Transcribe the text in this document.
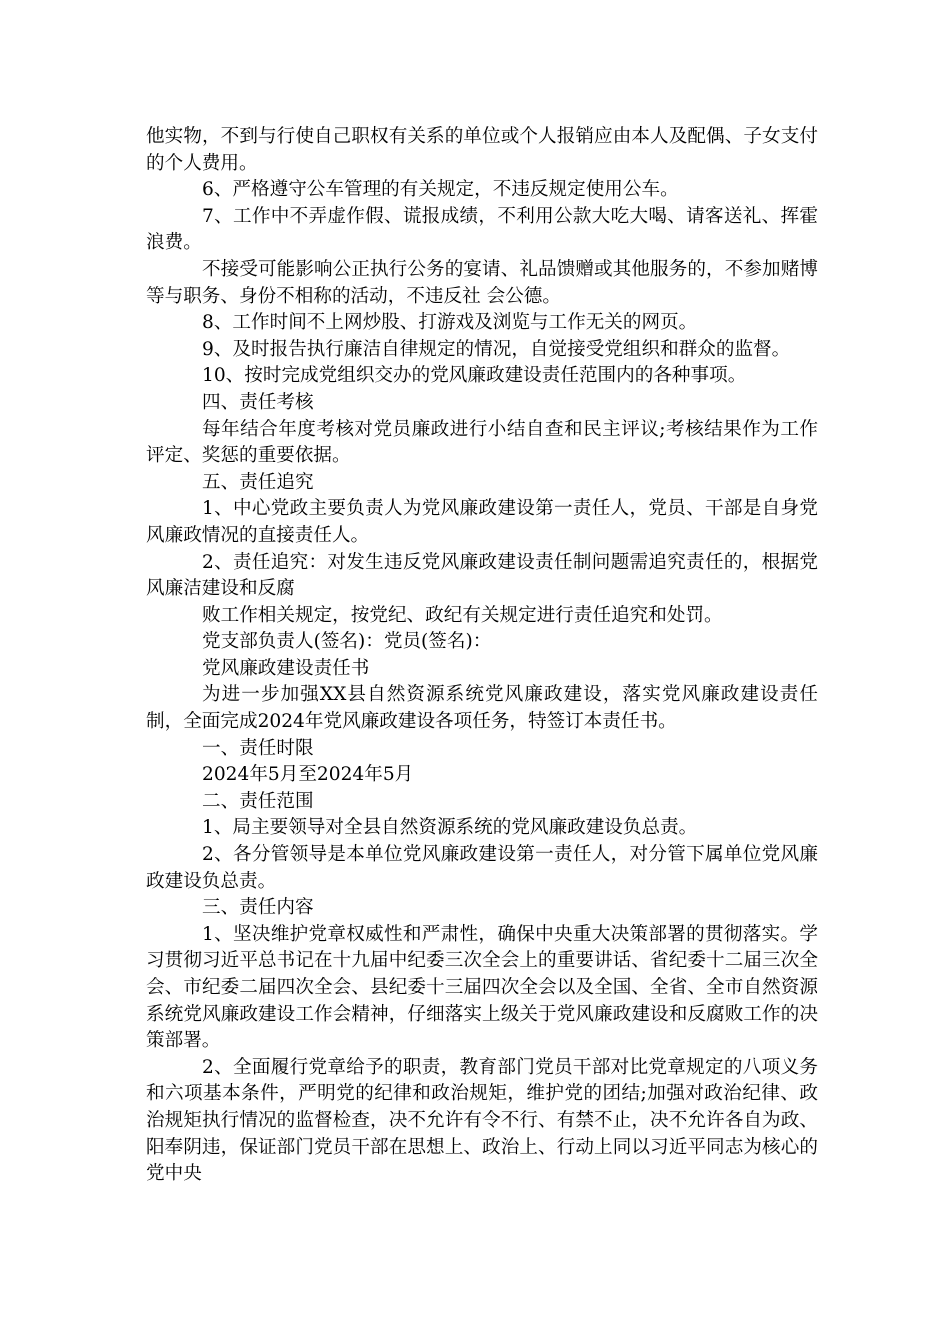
他实物，不到与行使自己职权有关系的单位或个人报销应由本人及配偶、子女支付的个人费用。

6、严格遵守公车管理的有关规定，不违反规定使用公车。

7、工作中不弄虚作假、谎报成绩，不利用公款大吃大喝、请客送礼、挥霍浪费。

不接受可能影响公正执行公务的宴请、礼品馈赠或其他服务的，不参加赌博等与职务、身份不相称的活动，不违反社 会公德。

8、工作时间不上网炒股、打游戏及浏览与工作无关的网页。

9、及时报告执行廉洁自律规定的情况，自觉接受党组织和群众的监督。

10、按时完成党组织交办的党风廉政建设责任范围内的各种事项。

四、责任考核

每年结合年度考核对党员廉政进行小结自查和民主评议;考核结果作为工作评定、奖惩的重要依据。

五、责任追究

1、中心党政主要负责人为党风廉政建设第一责任人，党员、干部是自身党风廉政情况的直接责任人。

2、责任追究：对发生违反党风廉政建设责任制问题需追究责任的，根据党风廉洁建设和反腐

败工作相关规定，按党纪、政纪有关规定进行责任追究和处罚。

党支部负责人(签名)：党员(签名)：

党风廉政建设责任书

为进一步加强XX县自然资源系统党风廉政建设，落实党风廉政建设责任制，全面完成2024年党风廉政建设各项任务，特签订本责任书。

一、责任时限

2024年5月至2024年5月

二、责任范围

1、局主要领导对全县自然资源系统的党风廉政建设负总责。

2、各分管领导是本单位党风廉政建设第一责任人，对分管下属单位党风廉政建设负总责。

三、责任内容

1、坚决维护党章权威性和严肃性，确保中央重大决策部署的贯彻落实。学习贯彻习近平总书记在十九届中纪委三次全会上的重要讲话、省纪委十二届三次全会、市纪委二届四次全会、县纪委十三届四次全会以及全国、全省、全市自然资源系统党风廉政建设工作会精神，仔细落实上级关于党风廉政建设和反腐败工作的决策部署。

2、全面履行党章给予的职责，教育部门党员干部对比党章规定的八项义务和六项基本条件，严明党的纪律和政治规矩，维护党的团结;加强对政治纪律、政治规矩执行情况的监督检查，决不允许有令不行、有禁不止，决不允许各自为政、阳奉阴违，保证部门党员干部在思想上、政治上、行动上同以习近平同志为核心的党中央
